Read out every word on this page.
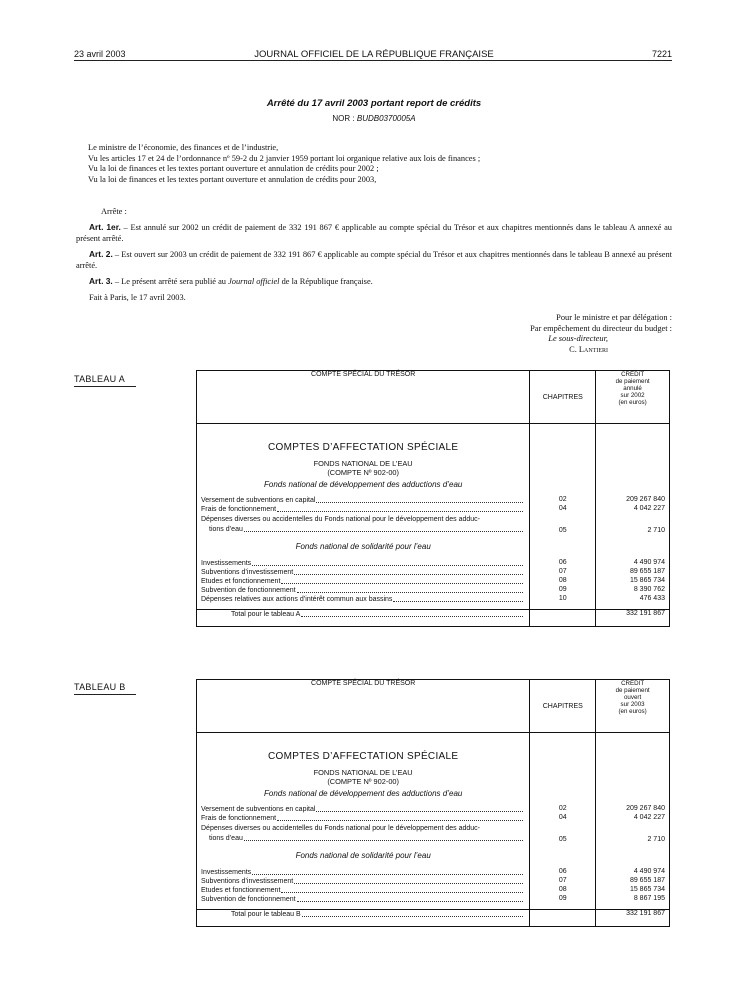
23 avril 2003	JOURNAL OFFICIEL DE LA RÉPUBLIQUE FRANÇAISE	7221
Arrêté du 17 avril 2003 portant report de crédits
NOR : BUDB0370005A

Le ministre de l’économie, des finances et de l’industrie,

Vu les articles 17 et 24 de l’ordonnance nº 59-2 du 2 janvier 1959 portant loi organique relative aux lois de finances ;

Vu la loi de finances et les textes portant ouverture et annulation de crédits pour 2002 ;

Vu la loi de finances et les textes portant ouverture et annulation de crédits pour 2003,

Arrête :

Art. 1er. – Est annulé sur 2002 un crédit de paiement de 332 191 867 € applicable au compte spécial du Trésor et aux chapitres mentionnés dans le tableau A annexé au présent arrêté.

Art. 2. – Est ouvert sur 2003 un crédit de paiement de 332 191 867 € applicable au compte spécial du Trésor et aux chapitres mentionnés dans le tableau B annexé au présent arrêté.

Art. 3. – Le présent arrêté sera publié au Journal officiel de la République française.

Fait à Paris, le 17 avril 2003.

Pour le ministre et par délégation :
Par empêchement du directeur du budget :
Le sous-directeur,
C. Lantieri
TABLEAU A	COMPTE SPÉCIAL DU TRÉSOR	CHAPITRES	CRÉDIT
de paiement
annulé
sur 2002
(en euros)

COMPTES D’AFFECTATION SPÉCIALE		
FONDS NATIONAL DE L’EAU		
(COMPTE Nº 902-00)		
Fonds national de développement des adductions d’eau		

Versement de subventions en capital	02	209 267 840

Frais de fonctionnement	04	4 042 227

Dépenses diverses ou accidentelles du Fonds national pour le développement des adduc-
tions d’eau	05	2 710
Fonds national de solidarité pour l’eau		

Investissements	06	4 490 974

Subventions d’investissement	07	89 655 187

Etudes et fonctionnement	08	15 865 734

Subvention de fonctionnement	09	8 390 762

Dépenses relatives aux actions d’intérêt commun aux bassins	10	476 433

Total pour le tableau A		332 191 867
TABLEAU B	COMPTE SPÉCIAL DU TRÉSOR	CHAPITRES	CRÉDIT
de paiement
ouvert
sur 2003
(en euros)

COMPTES D’AFFECTATION SPÉCIALE		
FONDS NATIONAL DE L’EAU		
(COMPTE Nº 902-00)		
Fonds national de développement des adductions d’eau		

Versement de subventions en capital	02	209 267 840

Frais de fonctionnement	04	4 042 227

Dépenses diverses ou accidentelles du Fonds national pour le développement des adduc-
tions d’eau	05	2 710
Fonds national de solidarité pour l’eau		

Investissements	06	4 490 974

Subventions d’investissement	07	89 655 187

Etudes et fonctionnement	08	15 865 734

Subvention de fonctionnement	09	8 867 195

Total pour le tableau B		332 191 867
